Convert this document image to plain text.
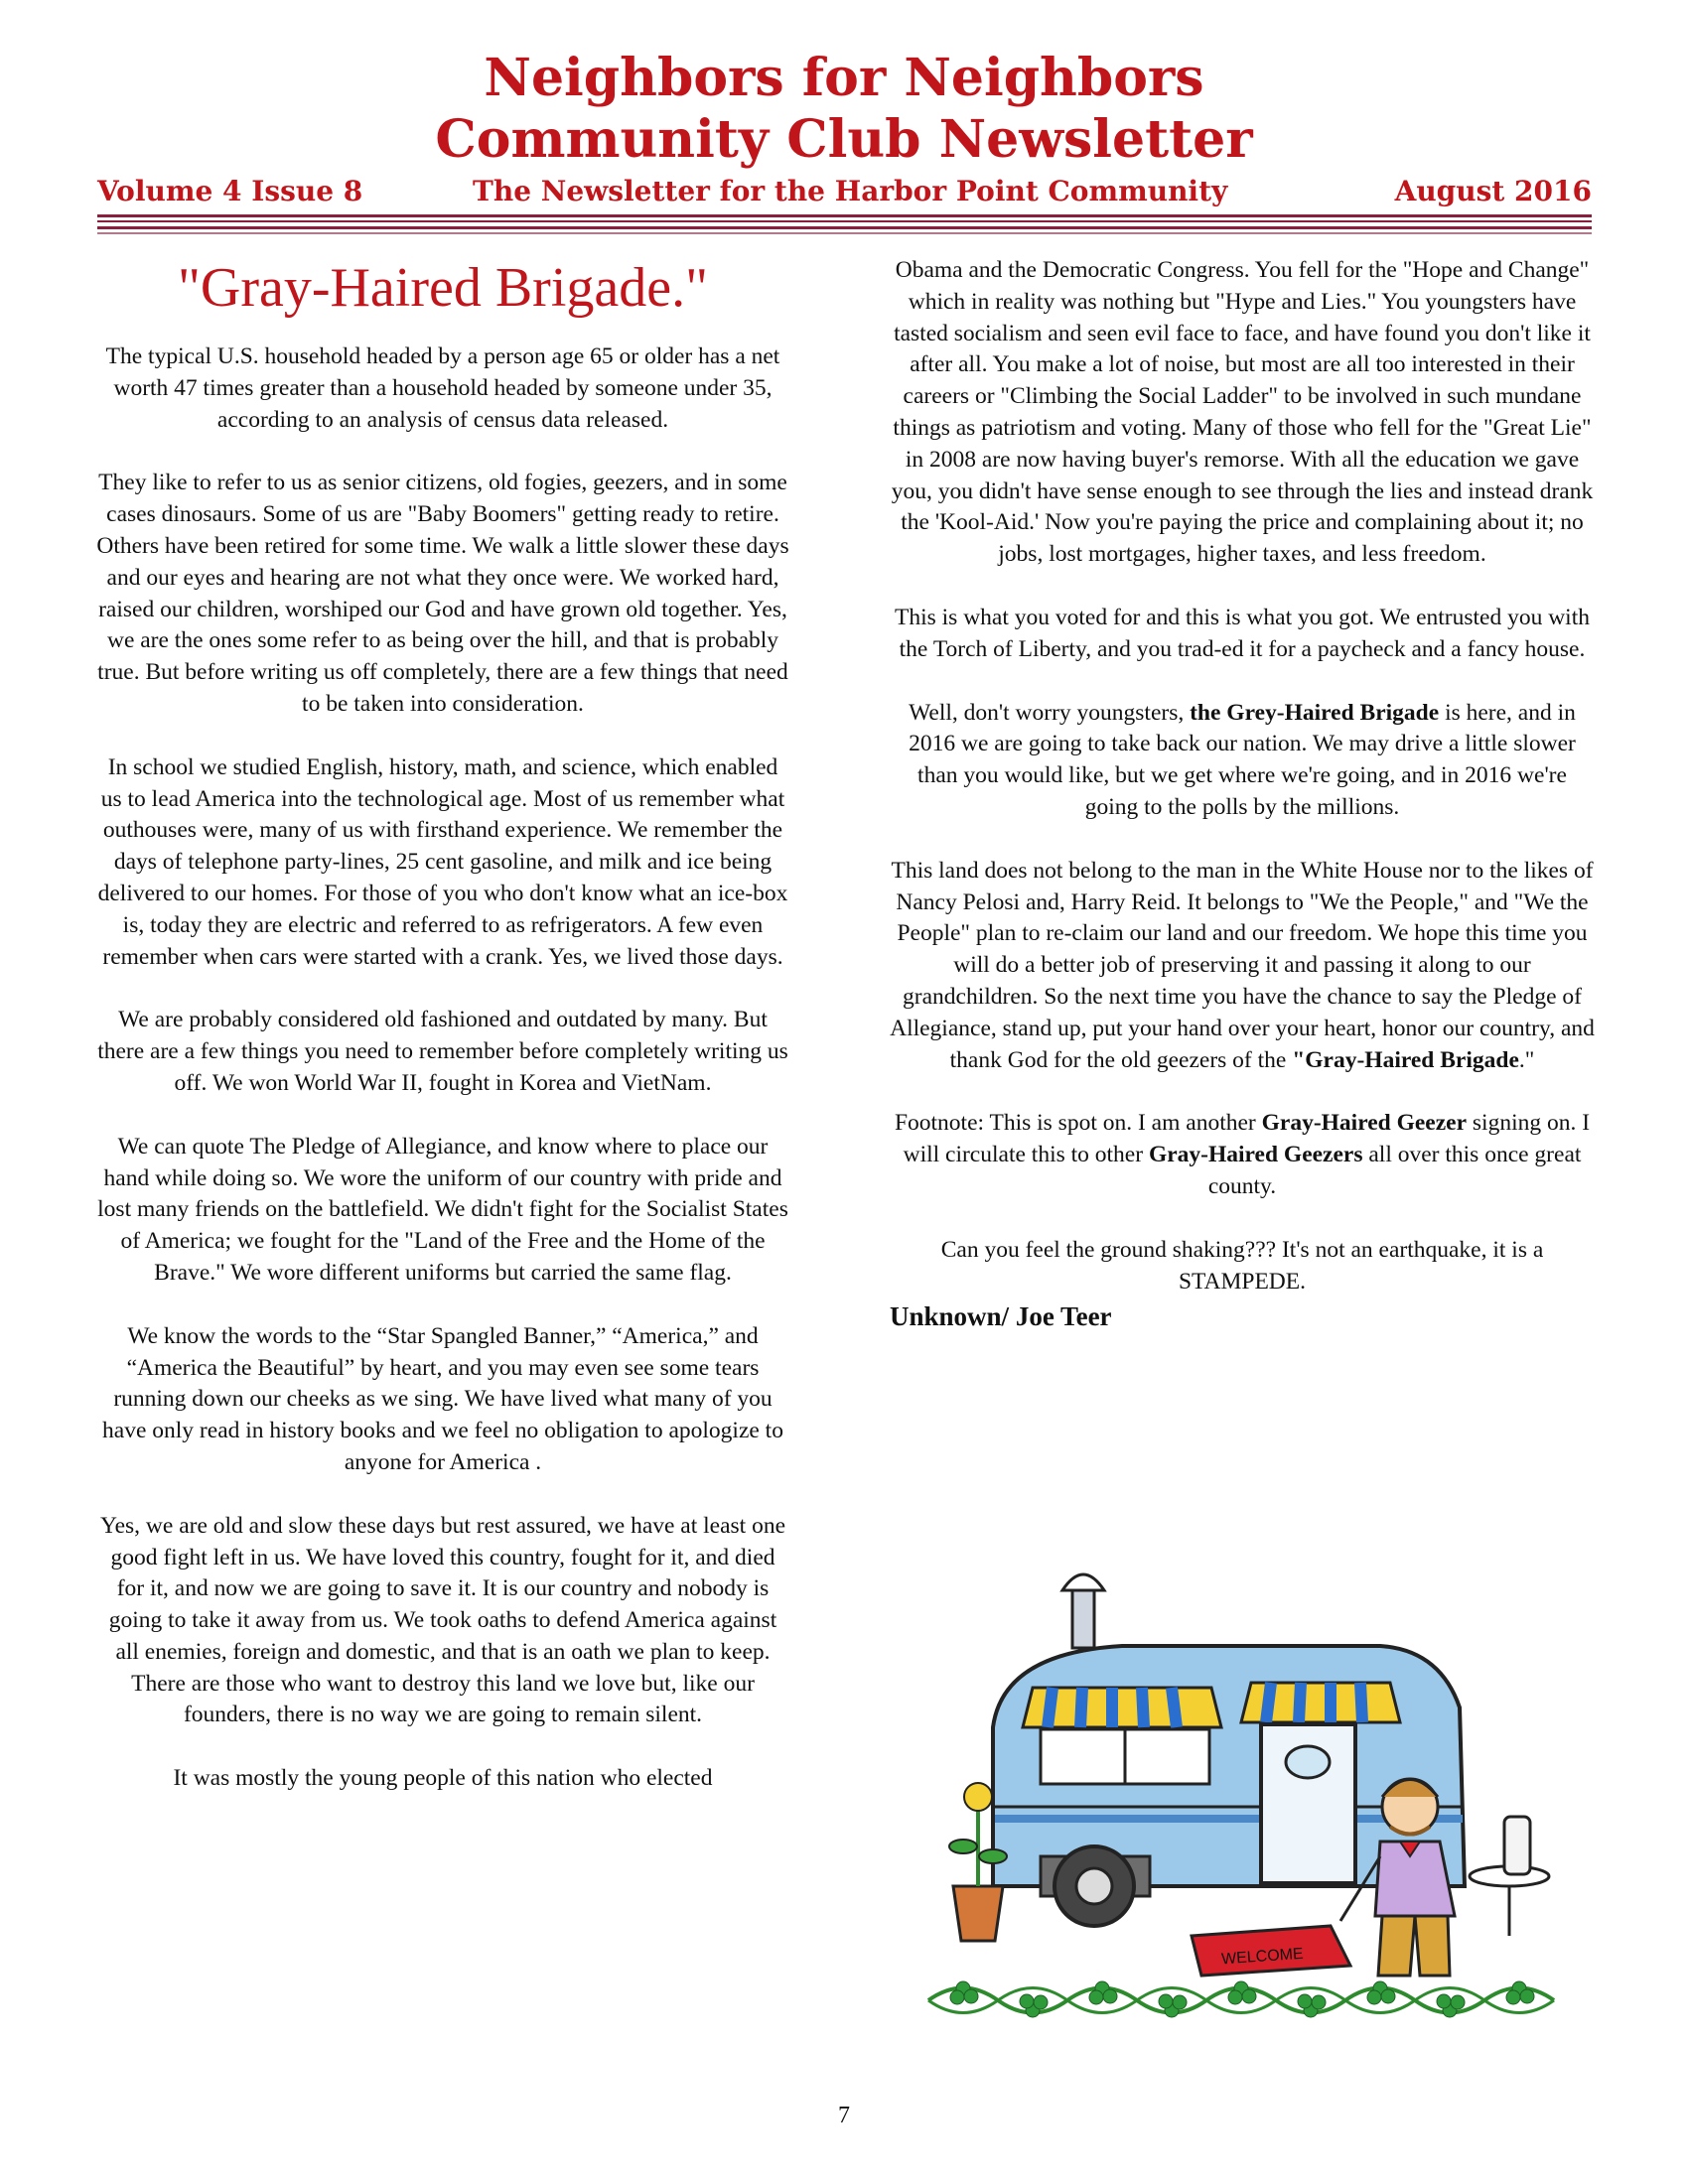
Neighbors for Neighbors
Community Club Newsletter
Volume 4 Issue 8	The Newsletter for the Harbor Point Community	August 2016
"Gray-Haired Brigade."

The typical U.S. household headed by a person age 65 or older has a net worth 47 times greater than a household headed by someone under 35, according to an analysis of census data released.

They like to refer to us as senior citizens, old fogies, geezers, and in some cases dinosaurs. Some of us are "Baby Boomers" getting ready to retire. Others have been retired for some time. We walk a little slower these days and our eyes and hearing are not what they once were. We worked hard, raised our children, worshiped our God and have grown old together. Yes, we are the ones some refer to as being over the hill, and that is probably true. But before writing us off completely, there are a few things that need to be taken into consideration.

In school we studied English, history, math, and science, which enabled us to lead America into the technological age. Most of us remember what outhouses were, many of us with firsthand experience. We remember the days of telephone party-lines, 25 cent gasoline, and milk and ice being delivered to our homes. For those of you who don't know what an ice-box is, today they are electric and referred to as refrigerators. A few even remember when cars were started with a crank. Yes, we lived those days.

We are probably considered old fashioned and outdated by many. But there are a few things you need to remember before completely writing us off. We won World War II, fought in Korea and VietNam.

We can quote The Pledge of Allegiance, and know where to place our hand while doing so. We wore the uniform of our country with pride and lost many friends on the battlefield. We didn't fight for the Socialist States of America; we fought for the "Land of the Free and the Home of the Brave." We wore different uniforms but carried the same flag.

We know the words to the “Star Spangled Banner,” “America,” and “America the Beautiful” by heart, and you may even see some tears running down our cheeks as we sing. We have lived what many of you have only read in history books and we feel no obligation to apologize to anyone for America .

Yes, we are old and slow these days but rest assured, we have at least one good fight left in us. We have loved this country, fought for it, and died for it, and now we are going to save it. It is our country and nobody is going to take it away from us. We took oaths to defend America against all enemies, foreign and domestic, and that is an oath we plan to keep. There are those who want to destroy this land we love but, like our founders, there is no way we are going to remain silent.

It was mostly the young people of this nation who elected

Obama and the Democratic Congress. You fell for the "Hope and Change" which in reality was nothing but "Hype and Lies." You youngsters have tasted socialism and seen evil face to face, and have found you don't like it after all. You make a lot of noise, but most are all too interested in their careers or "Climbing the Social Ladder" to be involved in such mundane things as patriotism and voting. Many of those who fell for the "Great Lie" in 2008 are now having buyer's remorse. With all the education we gave you, you didn't have sense enough to see through the lies and instead drank the 'Kool-Aid.' Now you're paying the price and complaining about it; no jobs, lost mortgages, higher taxes, and less freedom.

This is what you voted for and this is what you got. We entrusted you with the Torch of Liberty, and you trad-ed it for a paycheck and a fancy house.

Well, don't worry youngsters, the Grey-Haired Brigade is here, and in 2016 we are going to take back our nation. We may drive a little slower than you would like, but we get where we're going, and in 2016 we're going to the polls by the millions.

This land does not belong to the man in the White House nor to the likes of Nancy Pelosi and, Harry Reid. It belongs to "We the People," and "We the People" plan to re-claim our land and our freedom. We hope this time you will do a better job of preserving it and passing it along to our grandchildren. So the next time you have the chance to say the Pledge of Allegiance, stand up, put your hand over your heart, honor our country, and thank God for the old geezers of the "Gray-Haired Brigade."

Footnote: This is spot on. I am another Gray-Haired Geezer signing on. I will circulate this to other Gray-Haired Geezers all over this once great county.

Can you feel the ground shaking??? It's not an earthquake, it is a STAMPEDE.

Unknown/ Joe Teer

WELCOME
7
